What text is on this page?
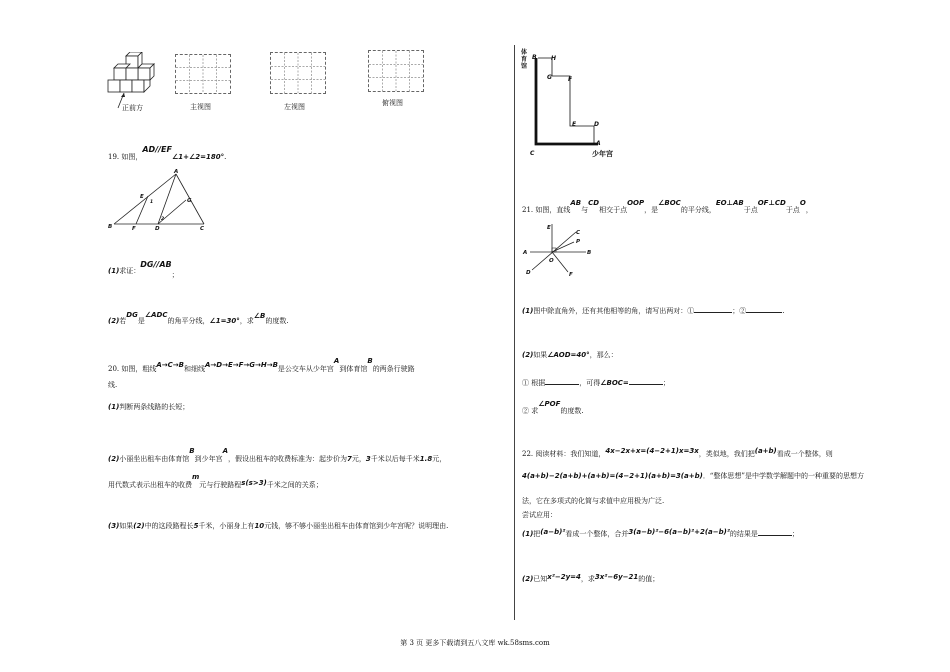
正前方	主视图	左视图	俯视图
19. 如图，AD//EF∠1+∠2=180°.
A
B	C
D
E
F
G
1
2
(1)求证：DG//AB；
(2)若DG是∠ADC的角平分线，∠1=30°，求∠B的度数.
20. 如图，粗线A→C→B和细线A→D→E→F→G→H→B是公交车从少年宫A到体育馆B的两条行驶路
线.
(1)判断两条线路的长短；
(2)小丽坐出租车由体育馆B到少年宫A，假设出租车的收费标准为：起步价为7元，3千米以后每千米1.8元，
用代数式表示出租车的收费m元与行驶路程s(s>3)千米之间的关系；
(3)如果(2)中的这段路程长5千米，小丽身上有10元钱，够不够小丽坐出租车由体育馆到少年宫呢？说明理由.
B H
G	F
E	D
A
C
体育馆
少年宫
21. 如图，直线AB与CD相交于点OOP，是∠BOC的平分线，EO⊥AB于点OF⊥CD于点O，
A	B
C
D
E
F
P
O
(1)图中除直角外，还有其他相等的角，请写出两对：①	；②	.
(2)如果∠AOD=40°，那么：
① 根据	，可得∠BOC=	；
② 求∠POF的度数.
22. 阅读材料：我们知道，4x−2x+x=(4−2+1)x=3x，类似地，我们把(a+b)看成一个整体，则
4(a+b)−2(a+b)+(a+b)=(4−2+1)(a+b)=3(a+b)．“整体思想”是中学数学解题中的一种重要的思想方
法，它在多项式的化简与求值中应用极为广泛.
尝试应用：
(1)把(a−b)²看成一个整体，合并3(a−b)²−6(a−b)²+2(a−b)²的结果是	；
(2)已知x²−2y=4，求3x²−6y−21的值；
第 3 页 更多下载请到五八文库 wk.58sms.com
